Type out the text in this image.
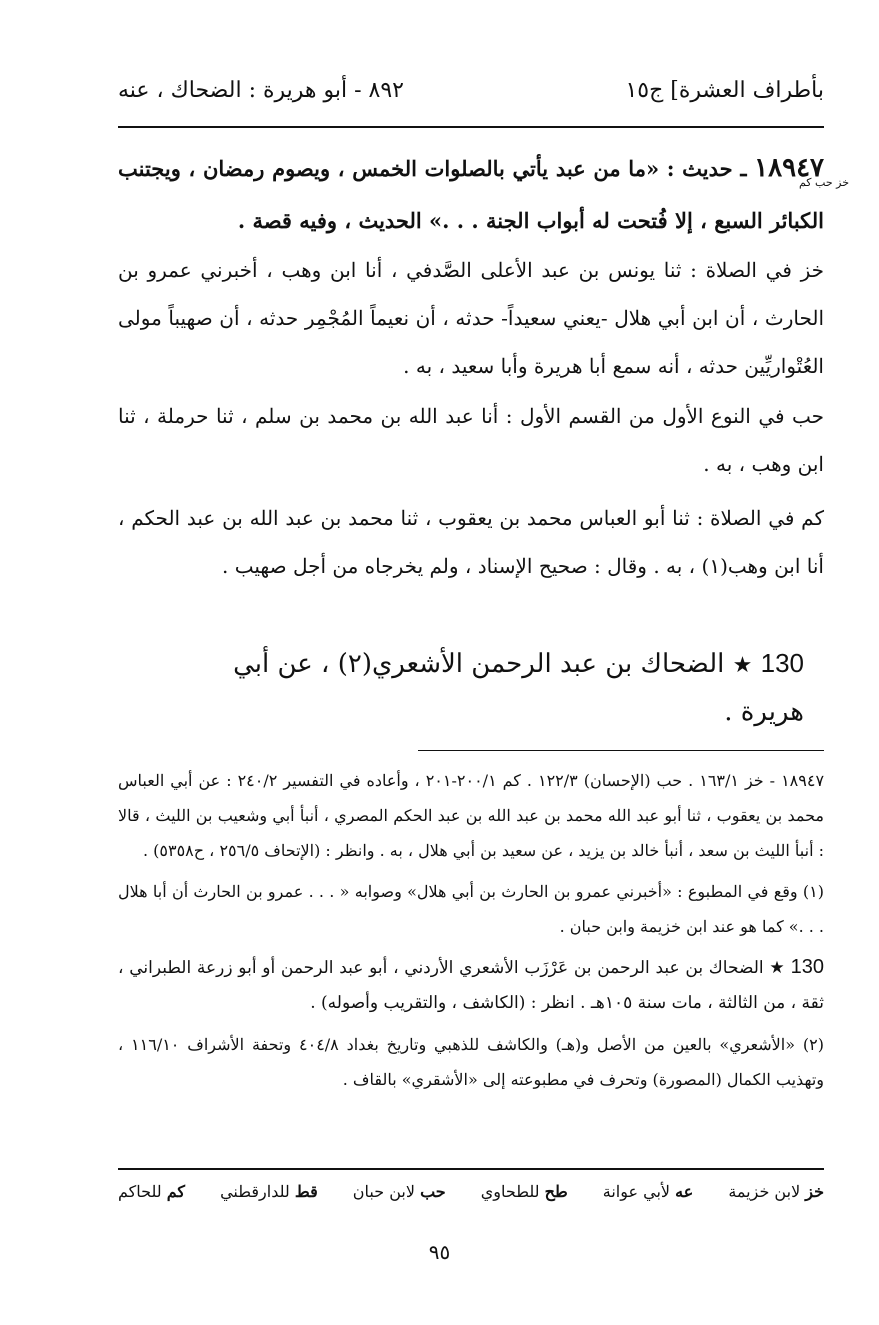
بأطراف العشرة] ج١٥
٨٩٢ - أبو هريرة : الضحاك ، عنه
١٨٩٤٧ ـ حديث : «ما من عبد يأتي بالصلوات الخمس ، ويصوم رمضان ، ويجتنب الكبائر السبع ، إلا فُتحت له أبواب الجنة . . .» الحديث ، وفيه قصة .
خز حب كم
خز في الصلاة : ثنا يونس بن عبد الأعلى الصَّدفي ، أنا ابن وهب ، أخبرني عمرو بن الحارث ، أن ابن أبي هلال -يعني سعيداً- حدثه ، أن نعيماً المُجْمِر حدثه ، أن صهيباً مولى العُتْواريِّين حدثه ، أنه سمع أبا هريرة وأبا سعيد ، به .
حب في النوع الأول من القسم الأول : أنا عبد الله بن محمد بن سلم ، ثنا حرملة ، ثنا ابن وهب ، به .
كم في الصلاة : ثنا أبو العباس محمد بن يعقوب ، ثنا محمد بن عبد الله بن عبد الحكم ، أنا ابن وهب(١) ، به . وقال : صحيح الإسناد ، ولم يخرجاه من أجل صهيب .
130 ★ الضحاك بن عبد الرحمن الأشعري(٢) ، عن أبي هريرة .

١٨٩٤٧ - خز ١٦٣/١ . حب (الإحسان) ١٢٢/٣ . كم ٢٠٠/١-٢٠١ ، وأعاده في التفسير ٢٤٠/٢ : عن أبي العباس محمد بن يعقوب ، ثنا أبو عبد الله محمد بن عبد الله بن عبد الحكم المصري ، أنبأ أبي وشعيب بن الليث ، قالا : أنبأ الليث بن سعد ، أنبأ خالد بن يزيد ، عن سعيد بن أبي هلال ، به . وانظر : (الإتحاف ٢٥٦/٥ ، ح٥٣٥٨) .

(١) وقع في المطبوع : «أخبرني عمرو بن الحارث بن أبي هلال» وصوابه « . . . عمرو بن الحارث أن أبا هلال . . .» كما هو عند ابن خزيمة وابن حبان .

130 ★ الضحاك بن عبد الرحمن بن عَرْزَب الأشعري الأردني ، أبو عبد الرحمن أو أبو زرعة الطبراني ، ثقة ، من الثالثة ، مات سنة ١٠٥هـ . انظر : (الكاشف ، والتقريب وأصوله) .

(٢) «الأشعري» بالعين من الأصل و(هـ) والكاشف للذهبي وتاريخ بغداد ٤٠٤/٨ وتحفة الأشراف ١١٦/١٠ ، وتهذيب الكمال (المصورة) وتحرف في مطبوعته إلى «الأشقري» بالقاف .

خز لابن خزيمة
عه لأبي عوانة
طح للطحاوي
حب لابن حبان
قط للدارقطني
كم للحاكم
٩٥
